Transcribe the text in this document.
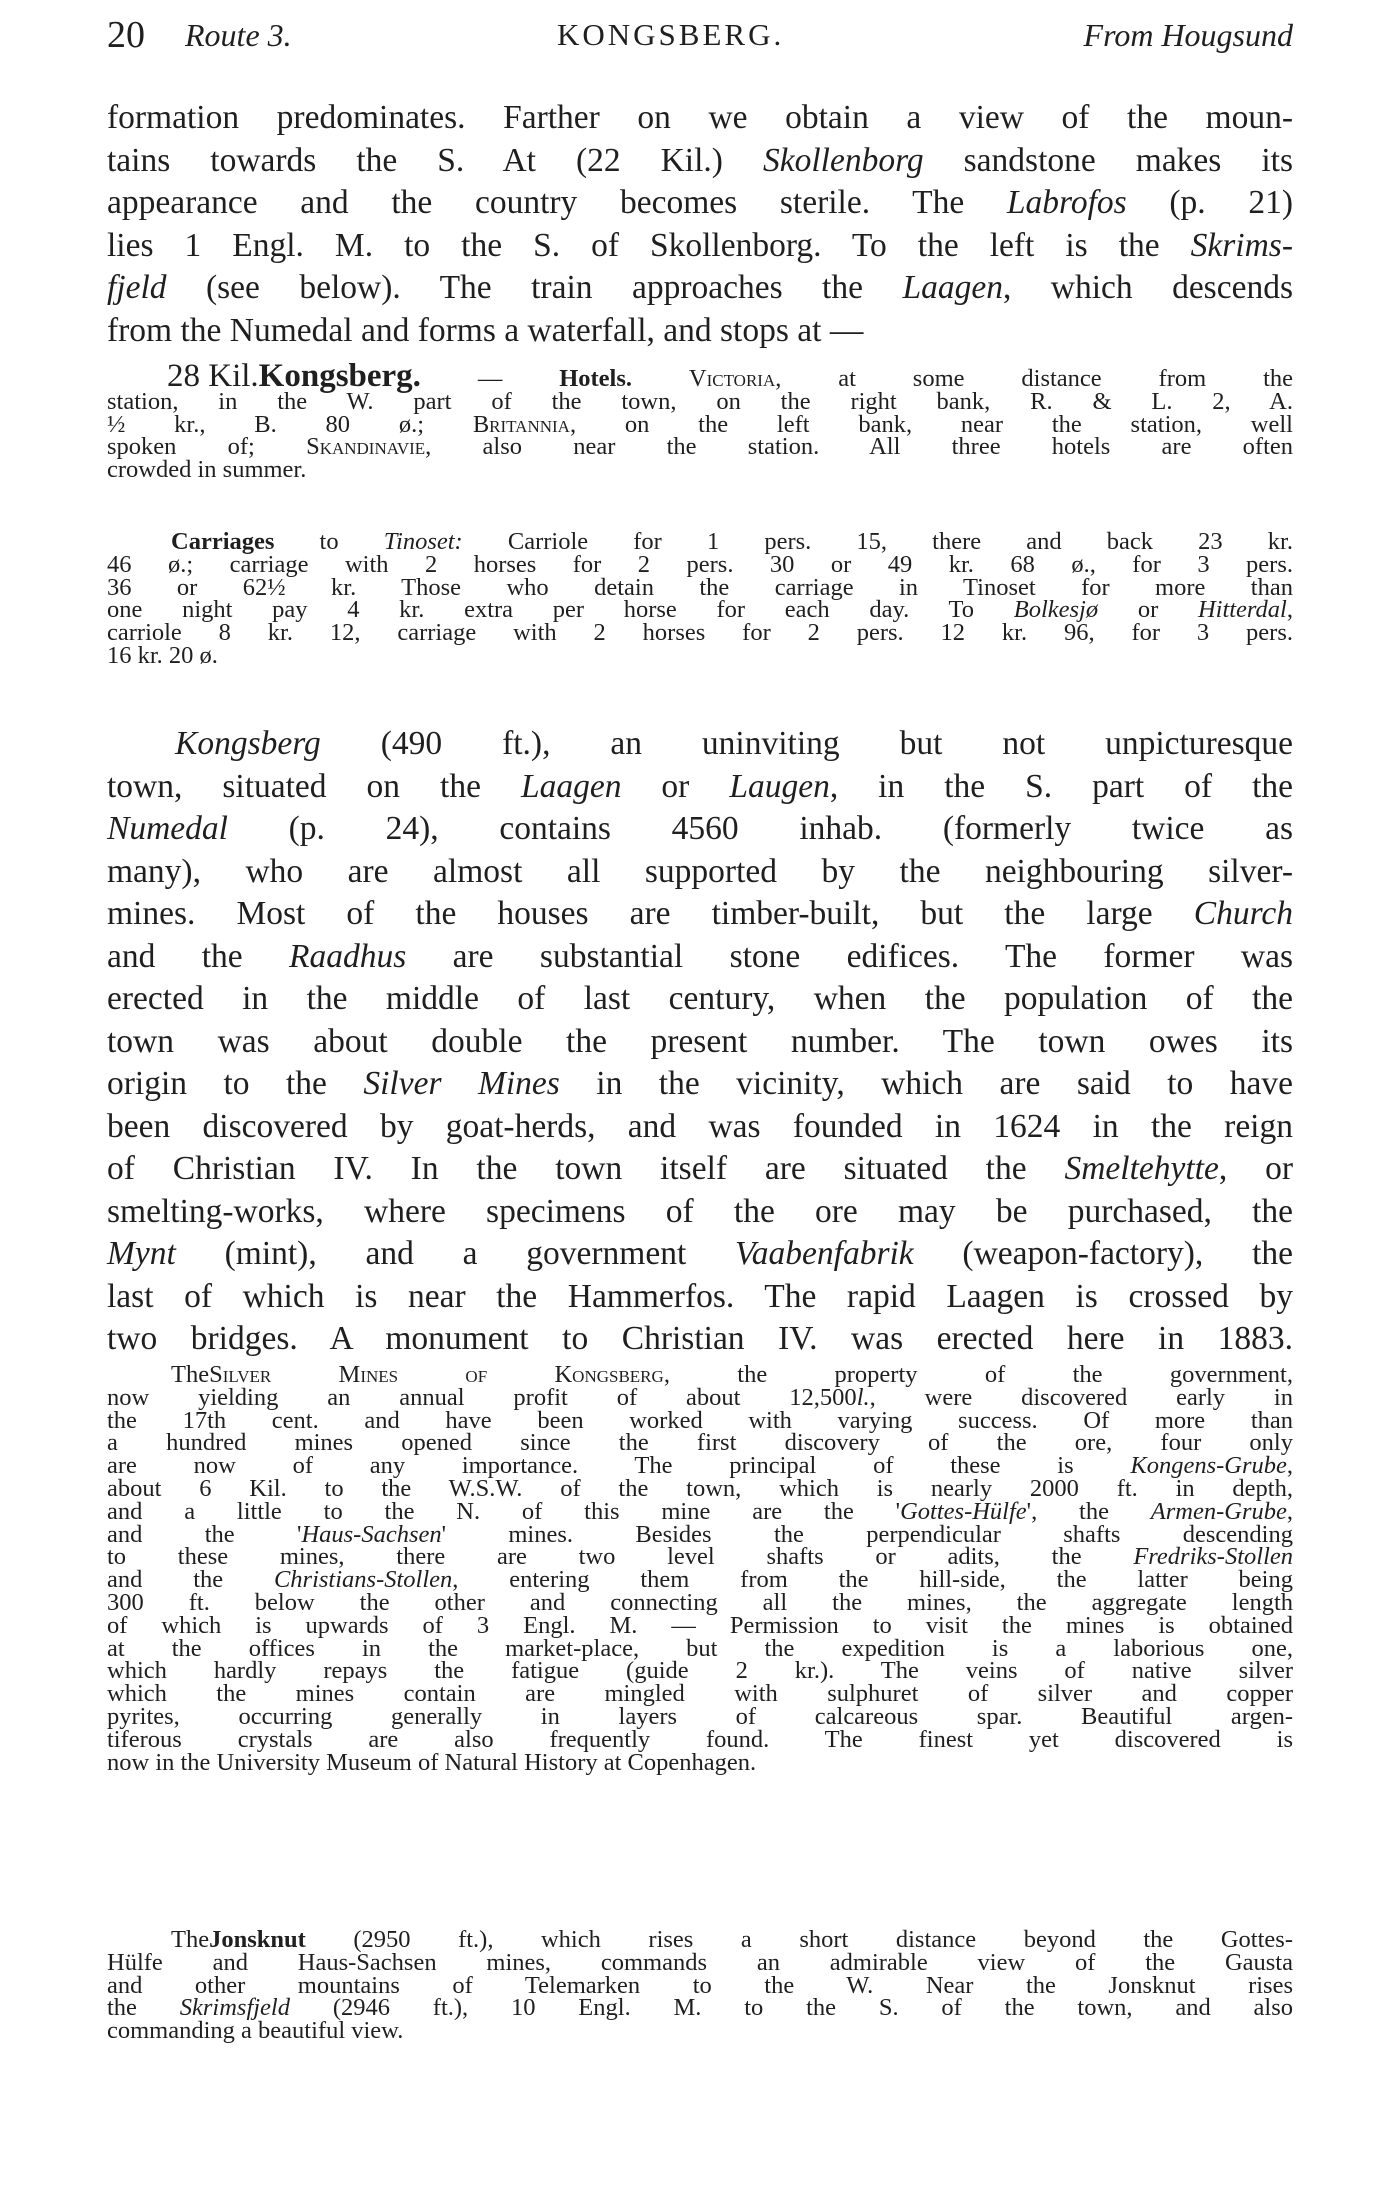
20 Route 3.	KONGSBERG.	From Hougsund
formation predominates. Farther on we obtain a view of the moun-
tains towards the S. At (22 Kil.) Skollenborg sandstone makes its
appearance and the country becomes sterile. The Labrofos (p. 21)
lies 1 Engl. M. to the S. of Skollenborg. To the left is the Skrims-
fjeld (see below). The train approaches the Laagen, which descends
from the Numedal and forms a waterfall, and stops at —
28 Kil.Kongsberg. — Hotels. Victoria, at some distance from the
station, in the W. part of the town, on the right bank, R. & L. 2, A.
½ kr., B. 80 ø.; Britannia, on the left bank, near the station, well
spoken of; Skandinavie, also near the station. All three hotels are often
crowded in summer.
Carriages to Tinoset: Carriole for 1 pers. 15, there and back 23 kr.
46 ø.; carriage with 2 horses for 2 pers. 30 or 49 kr. 68 ø., for 3 pers.
36 or 62½ kr. Those who detain the carriage in Tinoset for more than
one night pay 4 kr. extra per horse for each day. To Bolkesjø or Hitterdal,
carriole 8 kr. 12, carriage with 2 horses for 2 pers. 12 kr. 96, for 3 pers.
16 kr. 20 ø.
Kongsberg (490 ft.), an uninviting but not unpicturesque
town, situated on the Laagen or Laugen, in the S. part of the
Numedal (p. 24), contains 4560 inhab. (formerly twice as
many), who are almost all supported by the neighbouring silver-
mines. Most of the houses are timber-built, but the large Church
and the Raadhus are substantial stone edifices. The former was
erected in the middle of last century, when the population of the
town was about double the present number. The town owes its
origin to the Silver Mines in the vicinity, which are said to have
been discovered by goat-herds, and was founded in 1624 in the reign
of Christian IV. In the town itself are situated the Smeltehytte, or
smelting-works, where specimens of the ore may be purchased, the
Mynt (mint), and a government Vaabenfabrik (weapon-factory), the
last of which is near the Hammerfos. The rapid Laagen is crossed by
two bridges. A monument to Christian IV. was erected here in 1883.
TheSilver Mines of Kongsberg, the property of the government,
now yielding an annual profit of about 12,500l., were discovered early in
the 17th cent. and have been worked with varying success. Of more than
a hundred mines opened since the first discovery of the ore, four only
are now of any importance. The principal of these is Kongens-Grube,
about 6 Kil. to the W.S.W. of the town, which is nearly 2000 ft. in depth,
and a little to the N. of this mine are the 'Gottes-Hülfe', the Armen-Grube,
and the 'Haus-Sachsen' mines. Besides the perpendicular shafts descending
to these mines, there are two level shafts or adits, the Fredriks-Stollen
and the Christians-Stollen, entering them from the hill-side, the latter being
300 ft. below the other and connecting all the mines, the aggregate length
of which is upwards of 3 Engl. M. — Permission to visit the mines is obtained
at the offices in the market-place, but the expedition is a laborious one,
which hardly repays the fatigue (guide 2 kr.). The veins of native silver
which the mines contain are mingled with sulphuret of silver and copper
pyrites, occurring generally in layers of calcareous spar. Beautiful argen-
tiferous crystals are also frequently found. The finest yet discovered is
now in the University Museum of Natural History at Copenhagen.
TheJonsknut (2950 ft.), which rises a short distance beyond the Gottes-
Hülfe and Haus-Sachsen mines, commands an admirable view of the Gausta
and other mountains of Telemarken to the W. Near the Jonsknut rises
the Skrimsfjeld (2946 ft.), 10 Engl. M. to the S. of the town, and also
commanding a beautiful view.
